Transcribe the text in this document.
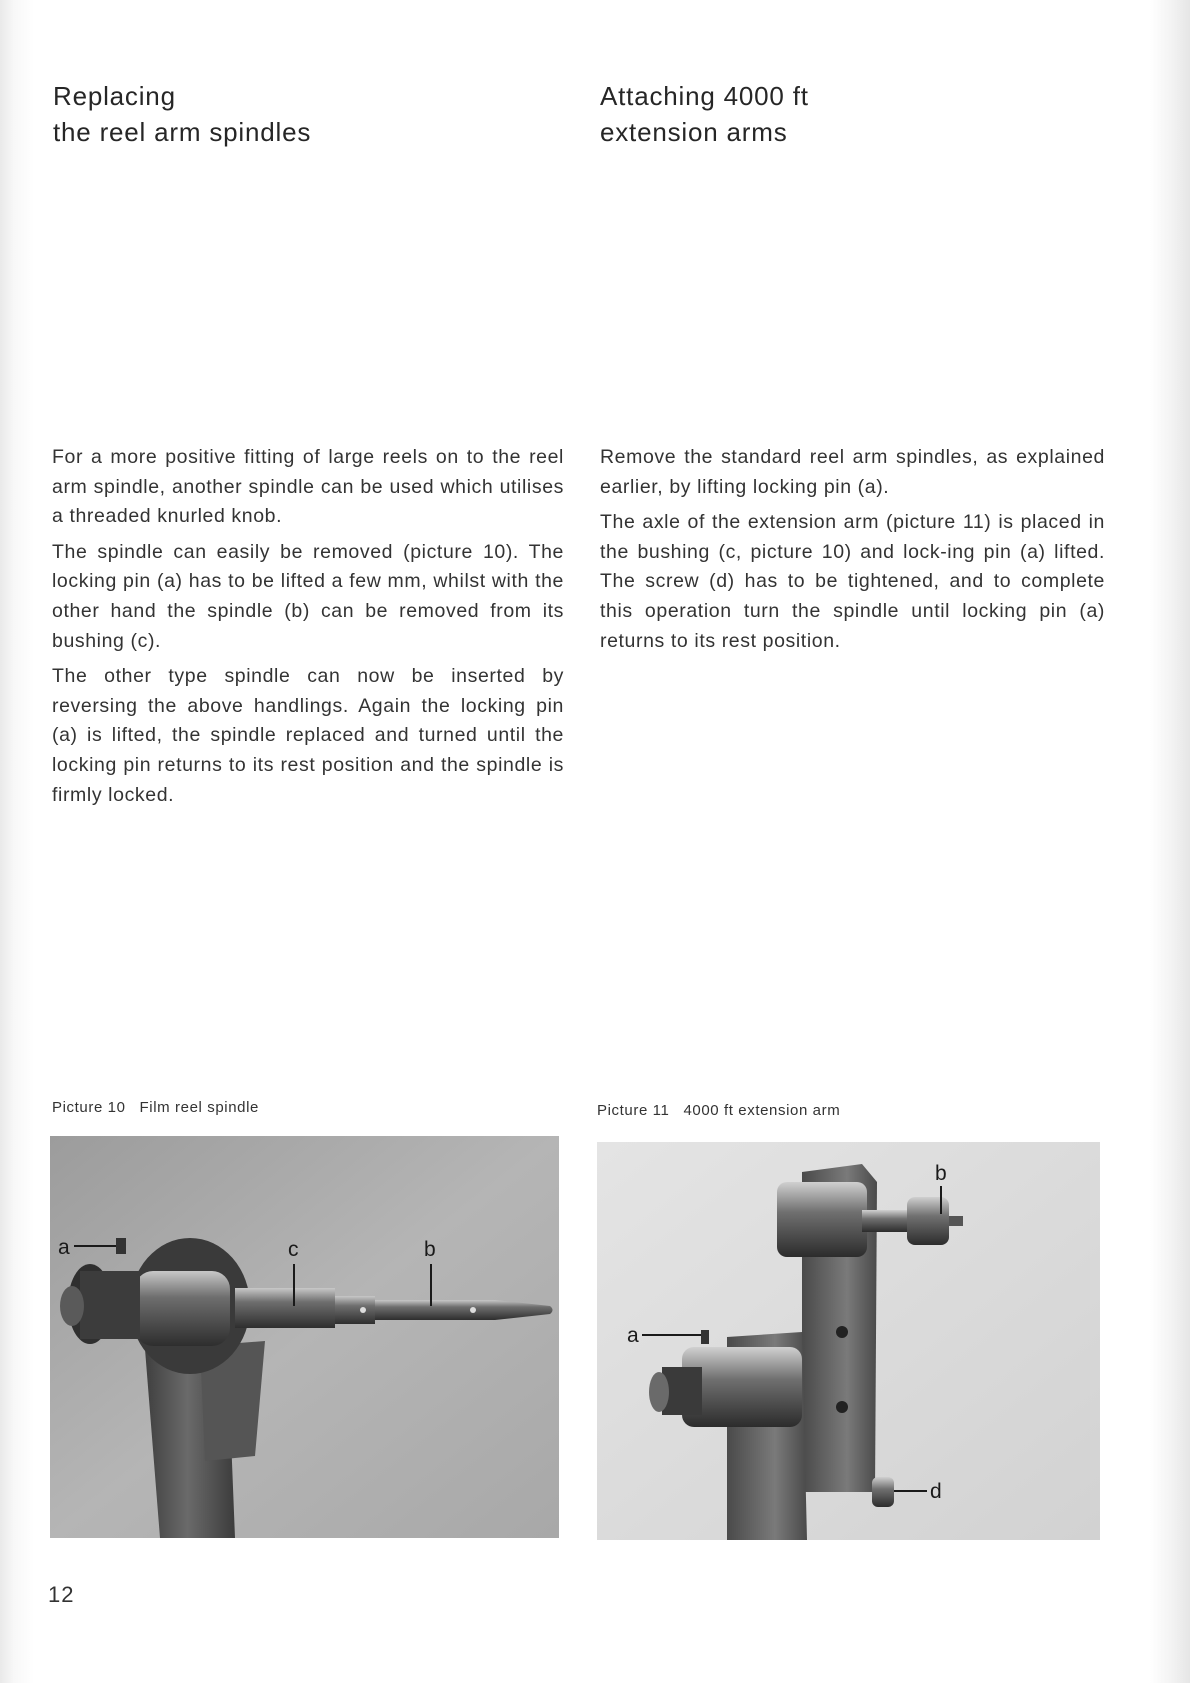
Replacing
the reel arm spindles
Attaching 4000 ft
extension arms

For a more positive fitting of large reels on to the reel arm spindle, another spindle can be used which utilises a threaded knurled knob.

The spindle can easily be removed (picture 10). The locking pin (a) has to be lifted a few mm, whilst with the other hand the spindle (b) can be removed from its bushing (c).

The other type spindle can now be inserted by reversing the above handlings. Again the locking pin (a) is lifted, the spindle replaced and turned until the locking pin returns to its rest position and the spindle is firmly locked.

Remove the standard reel arm spindles, as explained earlier, by lifting locking pin (a).

The axle of the extension arm (picture 11) is placed in the bushing (c, picture 10) and lock-ing pin (a) lifted. The screw (d) has to be tightened, and to complete this operation turn the spindle until locking pin (a) returns to its rest position.

Picture 10 Film reel spindle	Picture 11 4000 ft extension arm
a	c	b
a
b
d
12
